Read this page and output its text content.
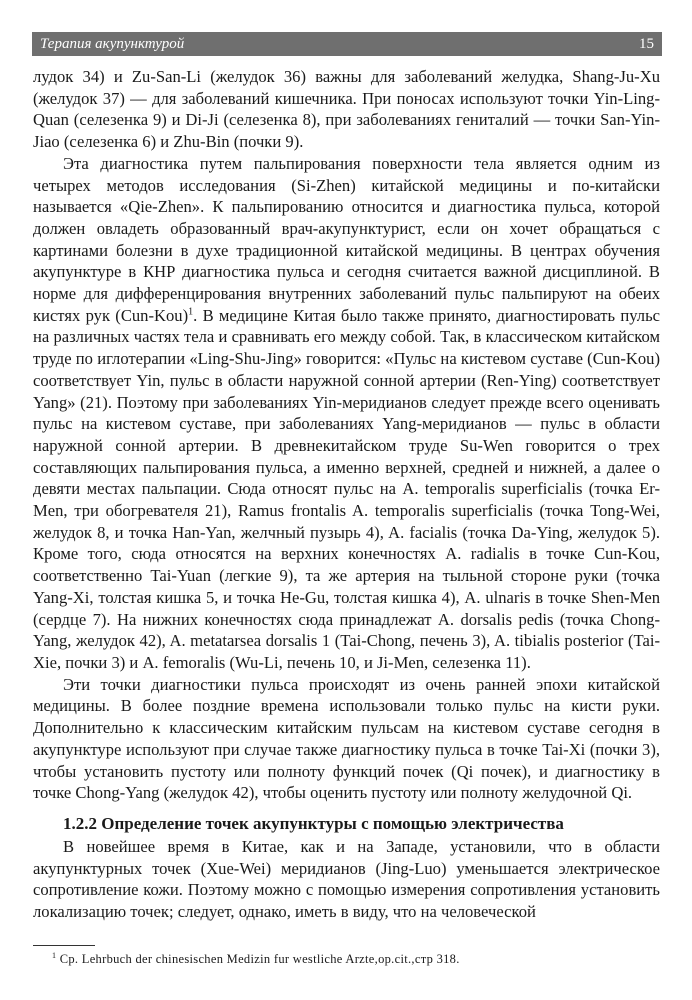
Терапия акупунктурой	15

лудок 34) и Zu-San-Li (желудок 36) важны для заболеваний желудка, Shang-Ju-Xu (желудок 37) — для заболеваний кишечника. При поносах используют точки Yin-Ling-Quan (селезенка 9) и Di-Ji (селезенка 8), при заболеваниях гениталий — точки San-Yin-Jiao (селезенка 6) и Zhu-Bin (почки 9).

Эта диагностика путем пальпирования поверхности тела является одним из четырех методов исследования (Si-Zhen) китайской медицины и по-китайски называется «Qie-Zhen». К пальпированию относится и диагностика пульса, которой должен овладеть образованный врач-акупунктурист, если он хочет обращаться с картинами болезни в духе традиционной китайской медицины. В центрах обучения акупунктуре в КНР диагностика пульса и сегодня считается важной дисциплиной. В норме для дифференцирования внутренних заболеваний пульс пальпируют на обеих кистях рук $(Cun-Kou)^1$. В медицине Китая было также принято, диагностировать пульс на различных частях тела и сравнивать его между собой. Так, в классическом китайском труде по иглотерапии «Ling-Shu-Jing» говорится: «Пульс на кистевом суставе (Cun-Kou) соответствует Yin, пульс в области наружной сонной артерии (Ren-Ying) соответствует Yang» (21). Поэтому при заболеваниях Yin-меридианов следует прежде всего оценивать пульс на кистевом суставе, при заболеваниях Yang-меридианов — пульс в области наружной сонной артерии. В древнекитайском труде Su-Wen говорится о трех составляющих пальпирования пульса, а именно верхней, средней и нижней, а далее о девяти местах пальпации. Сюда относят пульс на A. temporalis superficialis (точка Er-Men, три обогревателя 21), Ramus frontalis A. temporalis superficialis (точка Tong-Wei, желудок 8, и точка Han-Yan, желчный пузырь 4), A. facialis (точка Da-Ying, желудок 5). Кроме того, сюда относятся на верхних конечностях A. radialis в точке Cun-Kou, соответственно Tai-Yuan (легкие 9), та же артерия на тыльной стороне руки (точка Yang-Xi, толстая кишка 5, и точка He-Gu, толстая кишка 4), A. ulnaris в точке Shen-Men (сердце 7). На нижних конечностях сюда принадлежат A. dorsalis pedis (точка Chong-Yang, желудок 42), A. metatarsea dorsalis 1 (Tai-Chong, печень 3), A. tibialis posterior (Tai-Xie, почки 3) и A. femoralis (Wu-Li, печень 10, и Ji-Men, селезенка 11).

Эти точки диагностики пульса происходят из очень ранней эпохи китайской медицины. В более поздние времена использовали только пульс на кисти руки. Дополнительно к классическим китайским пульсам на кистевом суставе сегодня в акупунктуре используют при случае также диагностику пульса в точке Tai-Xi (почки 3), чтобы установить пустоту или полноту функций почек (Qi почек), и диагностику в точке Chong-Yang (желудок 42), чтобы оценить пустоту или полноту желудочной Qi.

1.2.2 Определение точек акупунктуры с помощью электричества

В новейшее время в Китае, как и на Западе, установили, что в области акупунктурных точек (Xue-Wei) меридианов (Jing-Luo) уменьшается электрическое сопротивление кожи. Поэтому можно с помощью измерения сопротивления установить локализацию точек; следует, однако, иметь в виду, что на человеческой

$^1$ Ср. Lehrbuch der chinesischen Medizin fur westliche Arzte,op.cit.,стр 318.
